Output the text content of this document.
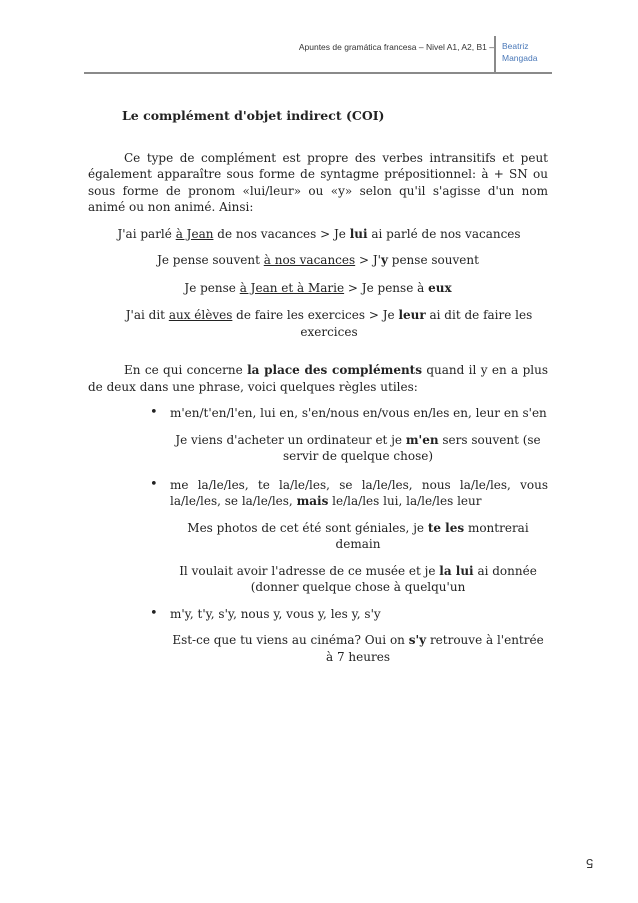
Apuntes de gramática francesa – Nivel A1, A2, B1 – Beatriz
Mangada
Le complément d'objet indirect (COI)

Ce type de complément est propre des verbes intransitifs et peut également apparaître sous forme de syntagme prépositionnel: à + SN ou sous forme de pronom «lui/leur» ou «y» selon qu'il s'agisse d'un nom animé ou non animé. Ainsi:

J'ai parlé à Jean de nos vacances > Je lui ai parlé de nos vacances

Je pense souvent à nos vacances > J'y pense souvent

Je pense à Jean et à Marie > Je pense à eux

J'ai dit aux élèves de faire les exercices > Je leur ai dit de faire les exercices

En ce qui concerne la place des compléments quand il y en a plus de deux dans une phrase, voici quelques règles utiles:

• m'en/t'en/l'en, lui en, s'en/nous en/vous en/les en, leur en s'en

Je viens d'acheter un ordinateur et je m'en sers souvent (se servir de quelque chose)

• me la/le/les, te la/le/les, se la/le/les, nous la/le/les, vous la/le/les, se la/le/les, mais le/la/les lui, la/le/les leur

Mes photos de cet été sont géniales, je te les montrerai demain

Il voulait avoir l'adresse de ce musée et je la lui ai donnée (donner quelque chose à quelqu'un

• m'y, t'y, s'y, nous y, vous y, les y, s'y

Est-ce que tu viens au cinéma? Oui on s'y retrouve à l'entrée à 7 heures

5
